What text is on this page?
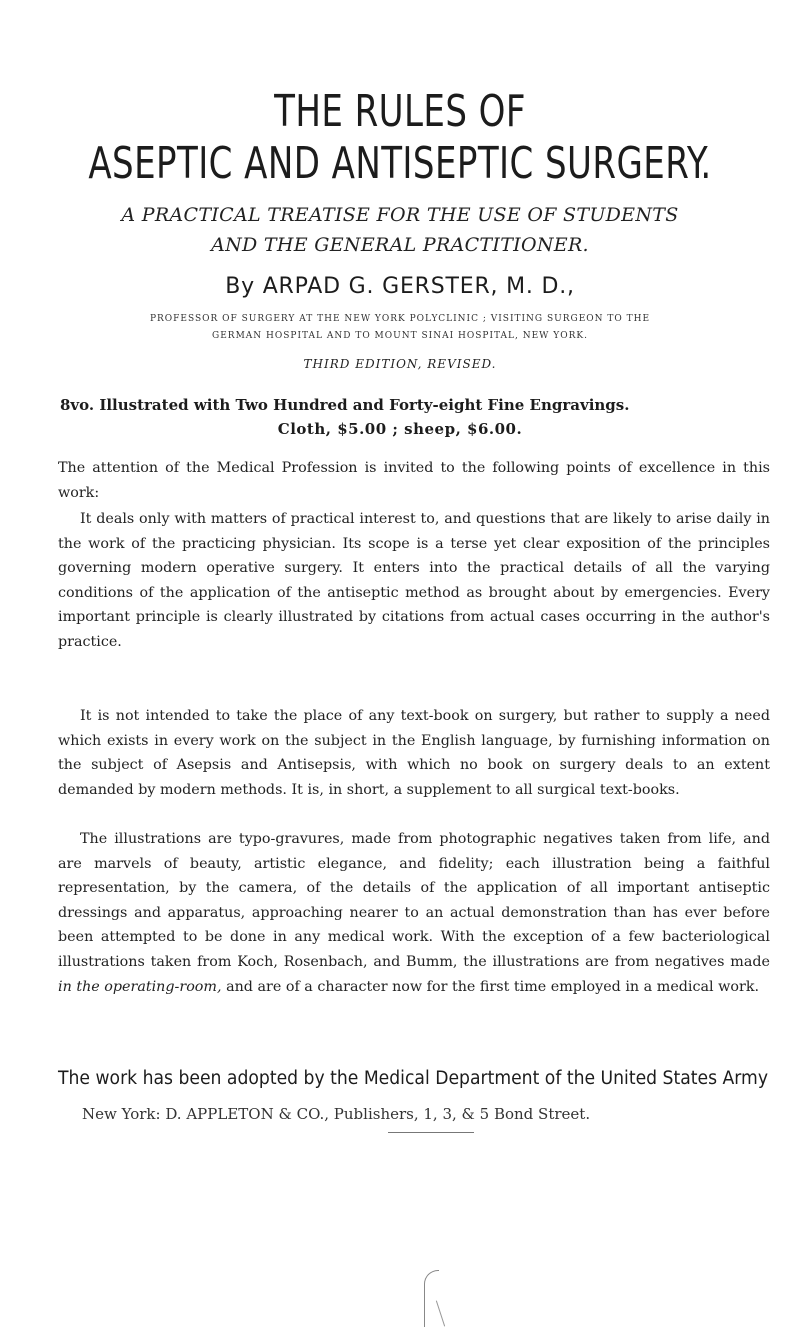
THE RULES OF
ASEPTIC AND ANTISEPTIC SURGERY.
A PRACTICAL TREATISE FOR THE USE OF STUDENTS
AND THE GENERAL PRACTITIONER.
By ARPAD G. GERSTER, M. D.,
PROFESSOR OF SURGERY AT THE NEW YORK POLYCLINIC ; VISITING SURGEON TO THE
GERMAN HOSPITAL AND TO MOUNT SINAI HOSPITAL, NEW YORK.
THIRD EDITION, REVISED.
8vo. Illustrated with Two Hundred and Forty-eight Fine Engravings.
Cloth, $5.00 ; sheep, $6.00.
The attention of the Medical Profession is invited to the following points of excellence in this work:
It deals only with matters of practical interest to, and questions that are likely to arise daily in the work of the practicing physician. Its scope is a terse yet clear exposition of the principles governing modern operative surgery. It enters into the practical details of all the varying conditions of the application of the antiseptic method as brought about by emergencies. Every important principle is clearly illustrated by citations from actual cases occurring in the author's practice.
It is not intended to take the place of any text-book on surgery, but rather to supply a need which exists in every work on the subject in the English language, by furnishing information on the subject of Asepsis and Antisepsis, with which no book on surgery deals to an extent demanded by modern methods. It is, in short, a supplement to all surgical text-books.
The illustrations are typo-gravures, made from photographic negatives taken from life, and are marvels of beauty, artistic elegance, and fidelity; each illustration being a faithful representation, by the camera, of the details of the application of all important antiseptic dressings and apparatus, approaching nearer to an actual demonstration than has ever before been attempted to be done in any medical work. With the exception of a few bacteriological illustrations taken from Koch, Rosenbach, and Bumm, the illustrations are from negatives made in the operating-room, and are of a character now for the first time employed in a medical work.
The work has been adopted by the Medical Department of the United States Army
New York: D. APPLETON & CO., Publishers, 1, 3, & 5 Bond Street.
